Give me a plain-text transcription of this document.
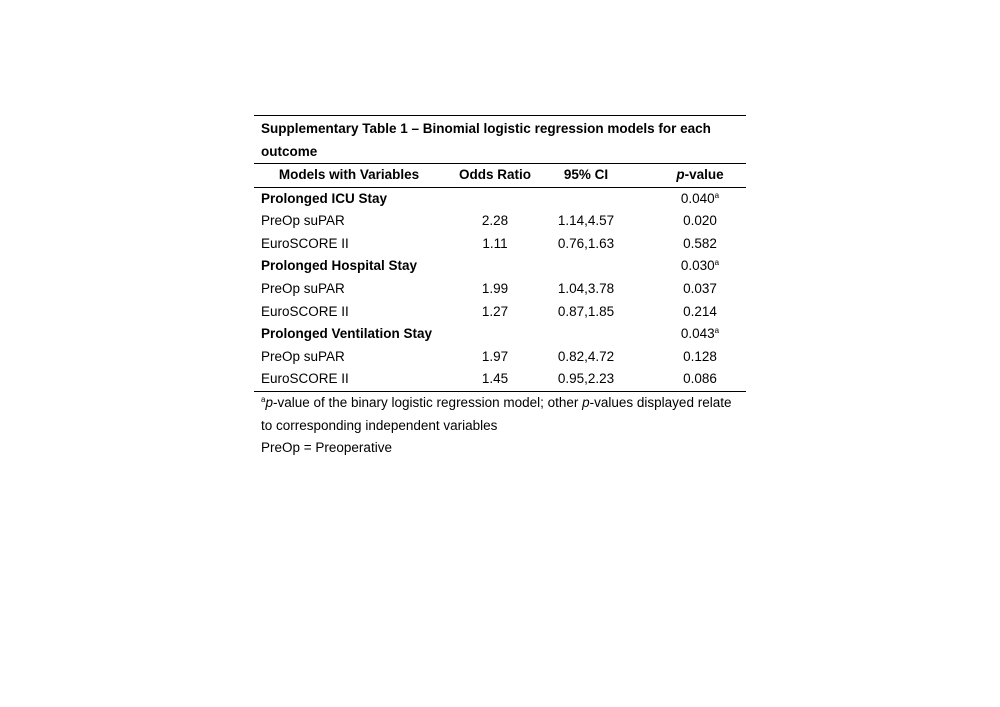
Supplementary Table 1 – Binomial logistic regression models for each outcome
Models with Variables	Odds Ratio	95% CI	p-value
Prolonged ICU Stay			0.040$^a$
PreOp suPAR	2.28	1.14,4.57	0.020
EuroSCORE II	1.11	0.76,1.63	0.582
Prolonged Hospital Stay			0.030$^a$
PreOp suPAR	1.99	1.04,3.78	0.037
EuroSCORE II	1.27	0.87,1.85	0.214
Prolonged Ventilation Stay			0.043$^a$
PreOp suPAR	1.97	0.82,4.72	0.128
EuroSCORE II	1.45	0.95,2.23	0.086

$^a$p-value of the binary logistic regression model; other p-values displayed relate to corresponding independent variables

PreOp = Preoperative
